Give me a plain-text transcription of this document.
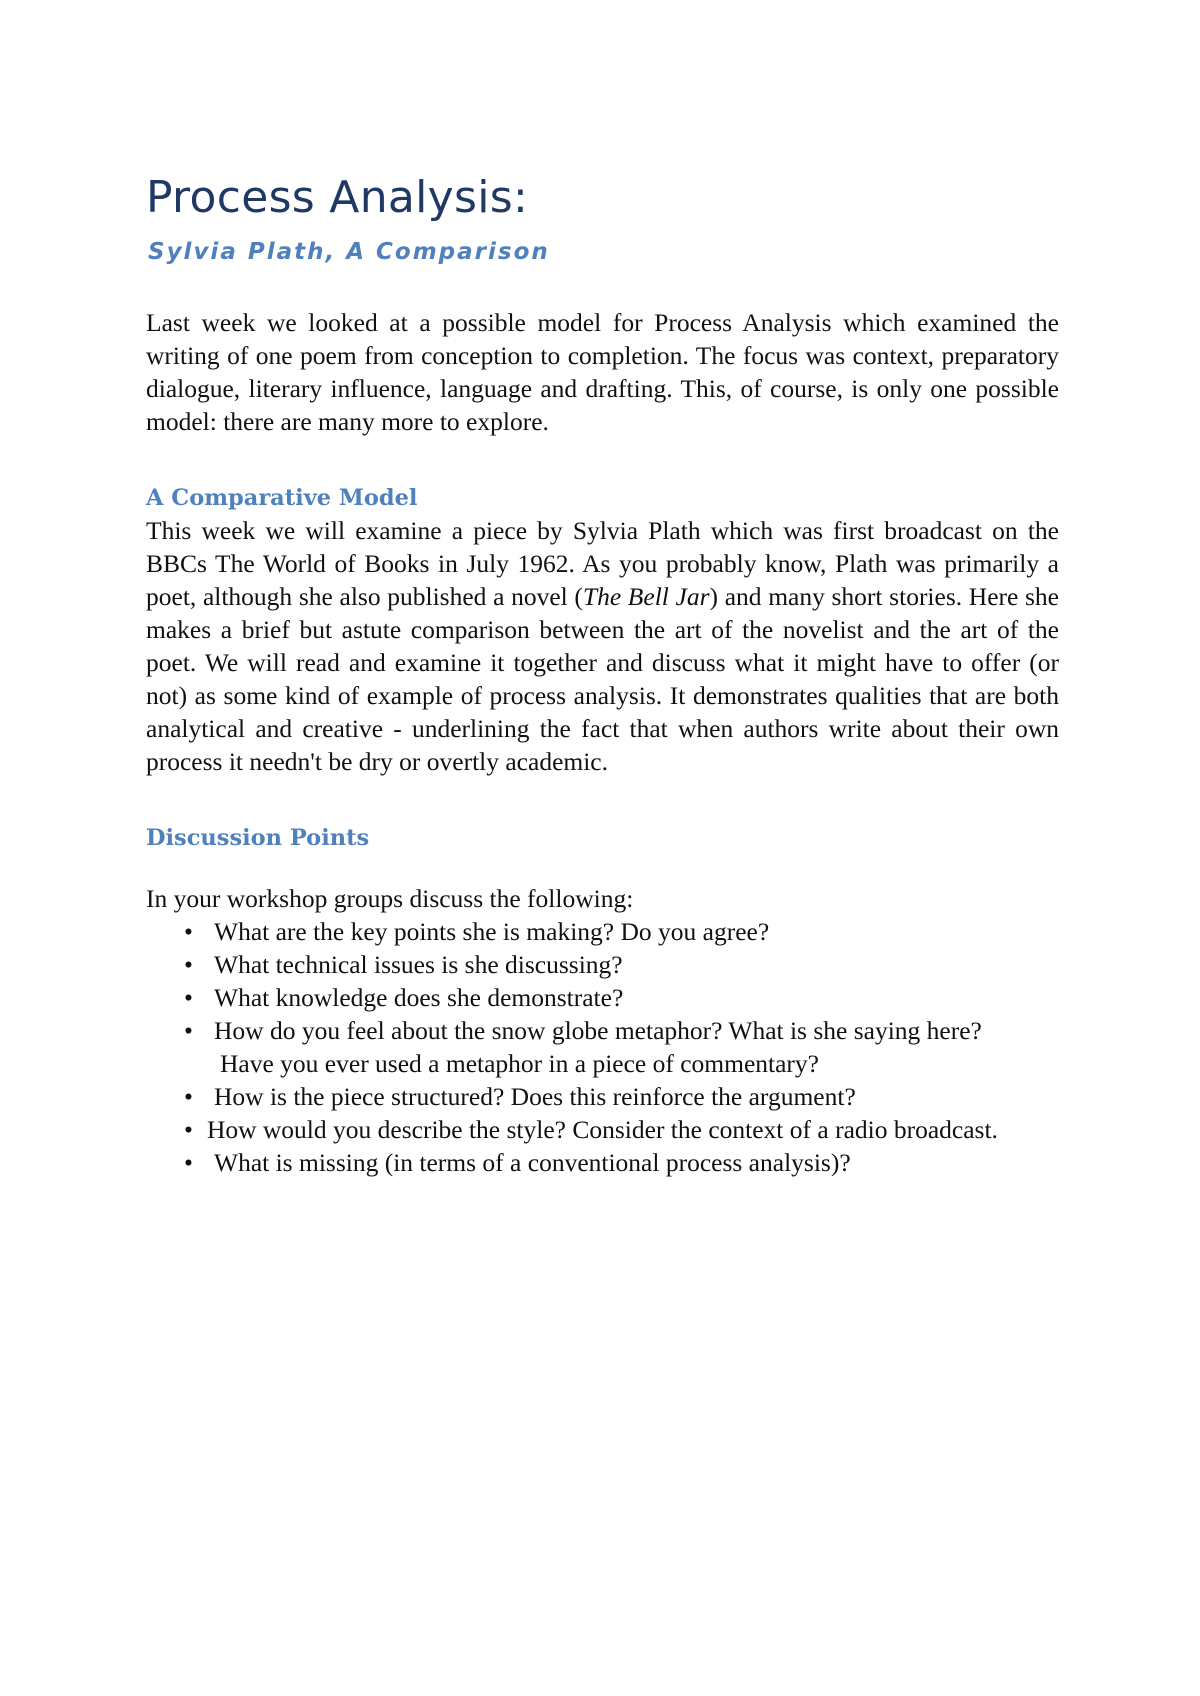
Process Analysis:
Sylvia Plath, A Comparison

Last week we looked at a possible model for Process Analysis which examined the writing of one poem from conception to completion. The focus was context, preparatory dialogue, literary influence, language and drafting. This, of course, is only one possible model: there are many more to explore.

A Comparative Model

This week we will examine a piece by Sylvia Plath which was first broadcast on the BBCs The World of Books in July 1962. As you probably know, Plath was primarily a poet, although she also published a novel (The Bell Jar) and many short stories. Here she makes a brief but astute comparison between the art of the novelist and the art of the poet. We will read and examine it together and discuss what it might have to offer (or not) as some kind of example of process analysis. It demonstrates qualities that are both analytical and creative - underlining the fact that when authors write about their own process it needn't be dry or overtly academic.

Discussion Points

In your workshop groups discuss the following:

• What are the key points she is making? Do you agree?
• What technical issues is she discussing?
• What knowledge does she demonstrate?
• How do you feel about the snow globe metaphor? What is she saying here?
Have you ever used a metaphor in a piece of commentary?
• How is the piece structured? Does this reinforce the argument?
• How would you describe the style? Consider the context of a radio broadcast.
• What is missing (in terms of a conventional process analysis)?
